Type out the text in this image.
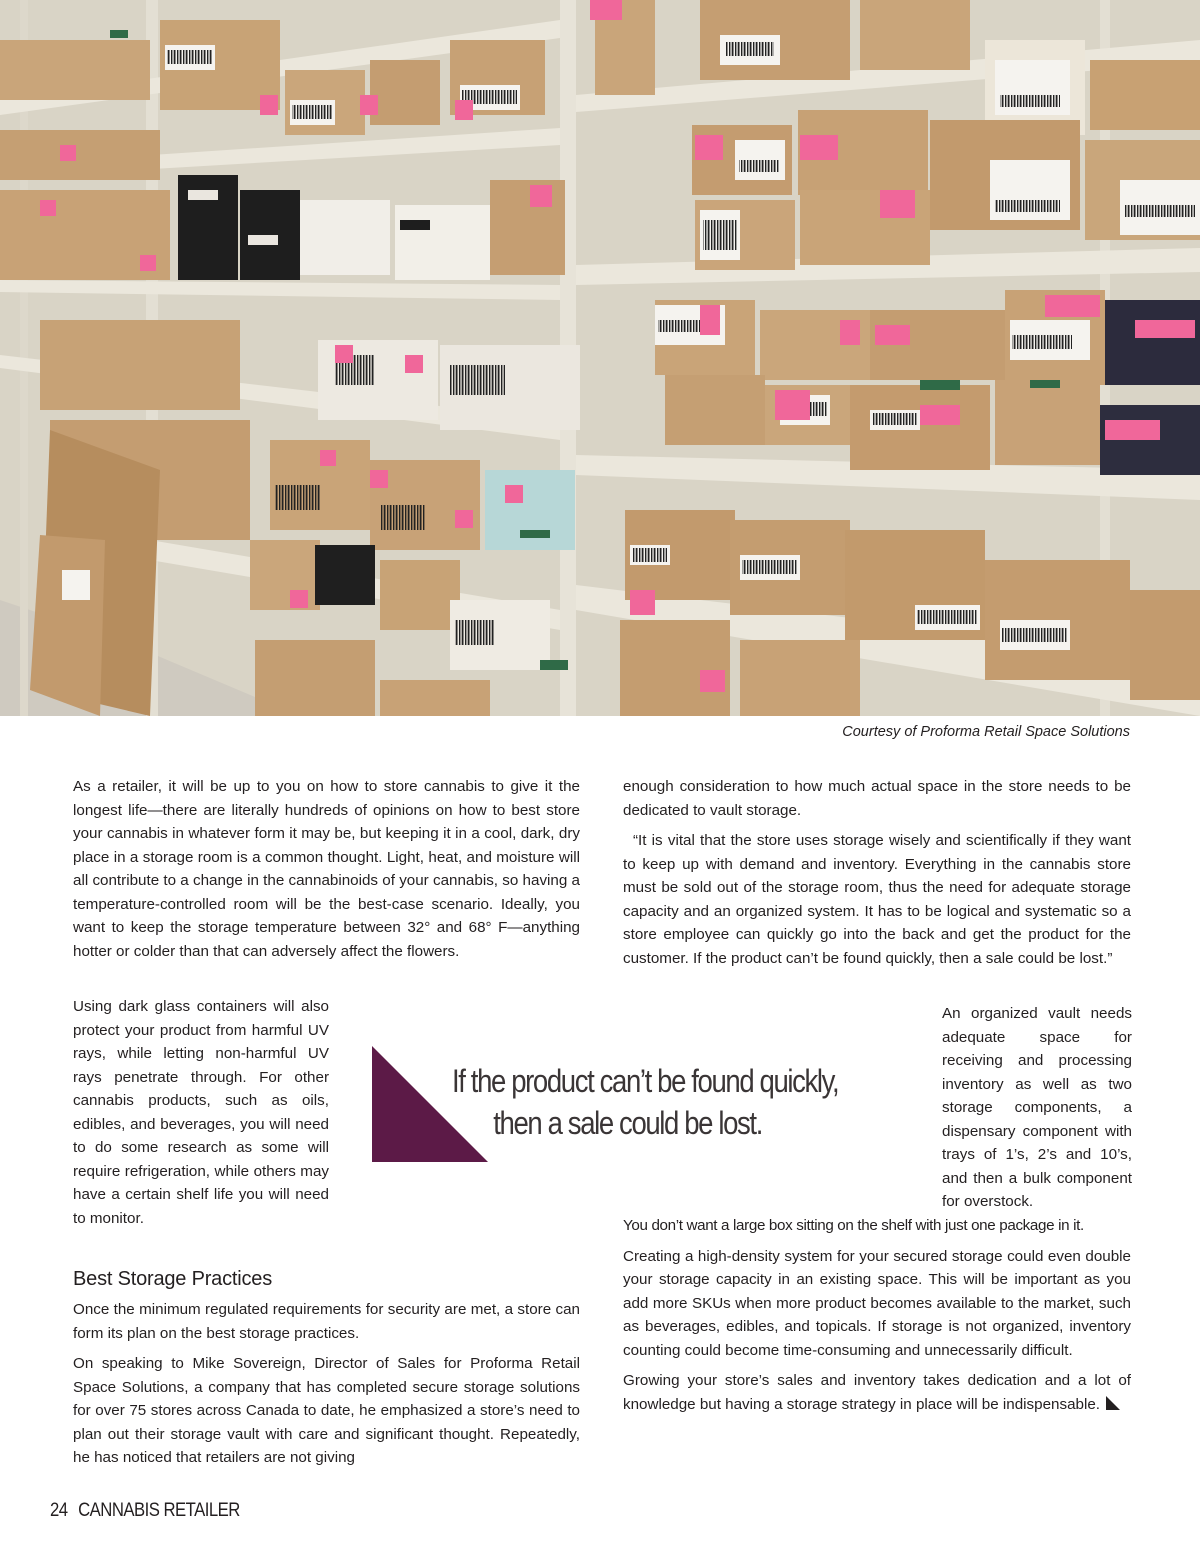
Courtesy of Proforma Retail Space Solutions

As a retailer, it will be up to you on how to store cannabis to give it the longest life—there are literally hundreds of opinions on how to best store your cannabis in whatever form it may be, but keeping it in a cool, dark, dry place in a storage room is a common thought. Light, heat, and moisture will all contribute to a change in the cannabinoids of your cannabis, so having a temperature-controlled room will be the best-case scenario. Ideally, you want to keep the storage temperature between 32° and 68° F—anything hotter or colder than that can adversely affect the flowers.

Using dark glass containers will also protect your product from harmful UV rays, while letting non-harmful UV rays penetrate through. For other cannabis products, such as oils, edibles, and beverages, you will need to do some research as some will require refrigeration, while others may have a certain shelf life you will need to monitor.

Best Storage Practices

Once the minimum regulated requirements for security are met, a store can form its plan on the best storage practices.

On speaking to Mike Sovereign, Director of Sales for Proforma Retail Space Solutions, a company that has completed secure storage solutions for over 75 stores across Canada to date, he emphasized a store’s need to plan out their storage vault with care and significant thought. Repeatedly, he has noticed that retailers are not giving

If the product can’t be found quickly,
then a sale could be lost.

enough consideration to how much actual space in the store needs to be dedicated to vault storage.

“It is vital that the store uses storage wisely and scientifically if they want to keep up with demand and inventory. Everything in the cannabis store must be sold out of the storage room, thus the need for adequate storage capacity and an organized system. It has to be logical and systematic so a store employee can quickly go into the back and get the product for the customer. If the product can’t be found quickly, then a sale could be lost.”

An organized vault needs adequate space for receiving and processing inventory as well as two storage components, a dispensary component with trays of 1’s, 2’s and 10’s, and then a bulk component for overstock.

You don’t want a large box sitting on the shelf with just one package in it.

Creating a high-density system for your secured storage could even double your storage capacity in an existing space. This will be important as you add more SKUs when more product becomes available to the market, such as beverages, edibles, and topicals. If storage is not organized, inventory counting could become time-consuming and unnecessarily difficult.

Growing your store’s sales and inventory takes dedication and a lot of knowledge but having a storage strategy in place will be indispensable.

24 CANNABIS RETAILER
